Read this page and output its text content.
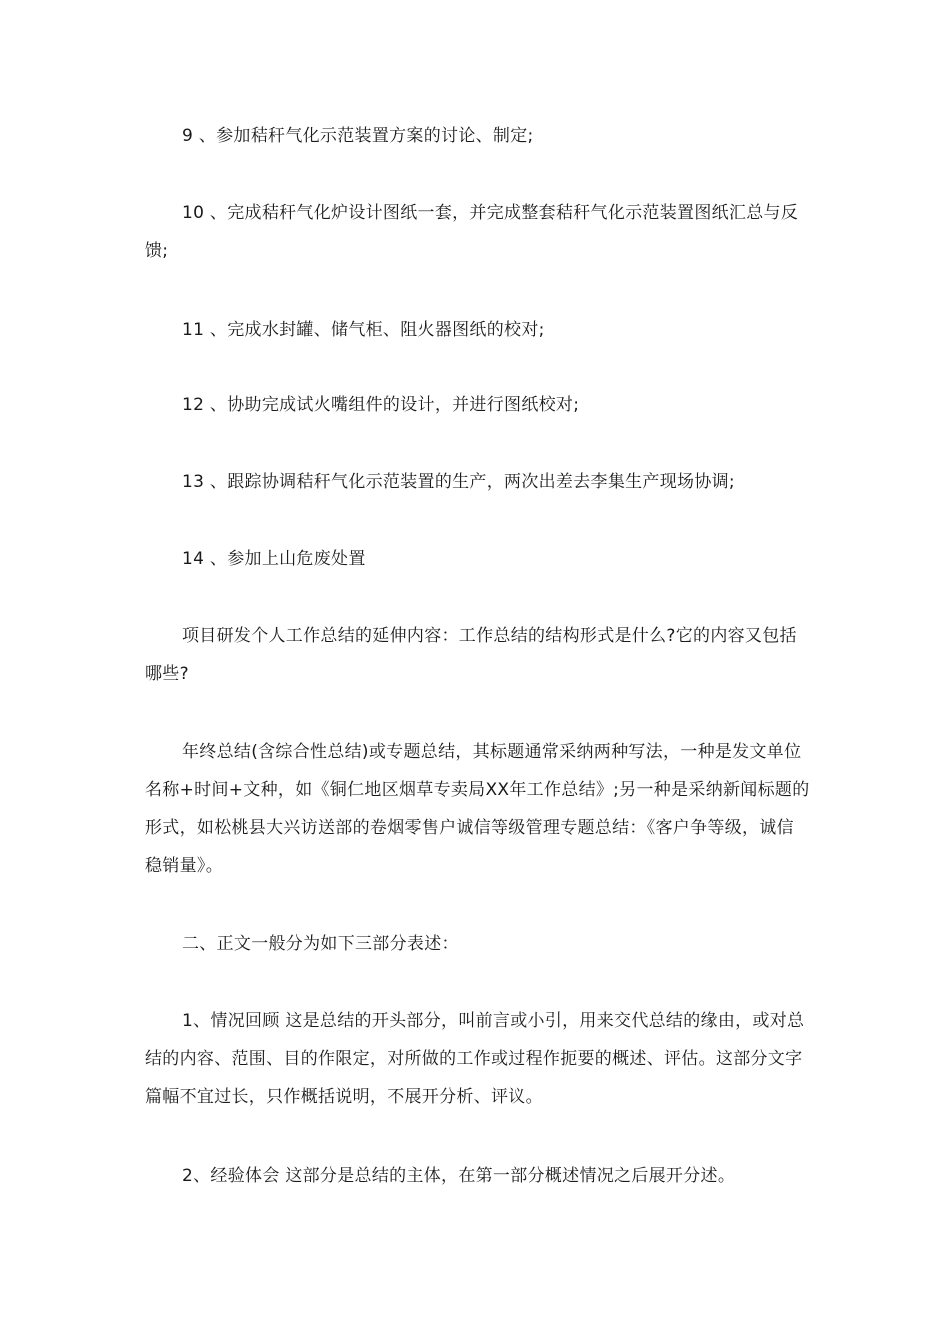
9 、参加秸秆气化示范装置方案的讨论、制定;

10 、完成秸秆气化炉设计图纸一套，并完成整套秸秆气化示范装置图纸汇总与反馈;

11 、完成水封罐、储气柜、阻火器图纸的校对;

12 、协助完成试火嘴组件的设计，并进行图纸校对;

13 、跟踪协调秸秆气化示范装置的生产，两次出差去李集生产现场协调;

14 、参加上山危废处置

项目研发个人工作总结的延伸内容：工作总结的结构形式是什么?它的内容又包括哪些?

年终总结(含综合性总结)或专题总结，其标题通常采纳两种写法，一种是发文单位名称+时间+文种，如《铜仁地区烟草专卖局XX年工作总结》;另一种是采纳新闻标题的形式，如松桃县大兴访送部的卷烟零售户诚信等级管理专题总结：《客户争等级，诚信稳销量》。

二、正文一般分为如下三部分表述：

1、情况回顾 这是总结的开头部分，叫前言或小引，用来交代总结的缘由，或对总结的内容、范围、目的作限定，对所做的工作或过程作扼要的概述、评估。这部分文字篇幅不宜过长，只作概括说明，不展开分析、评议。

2、经验体会 这部分是总结的主体，在第一部分概述情况之后展开分述。
